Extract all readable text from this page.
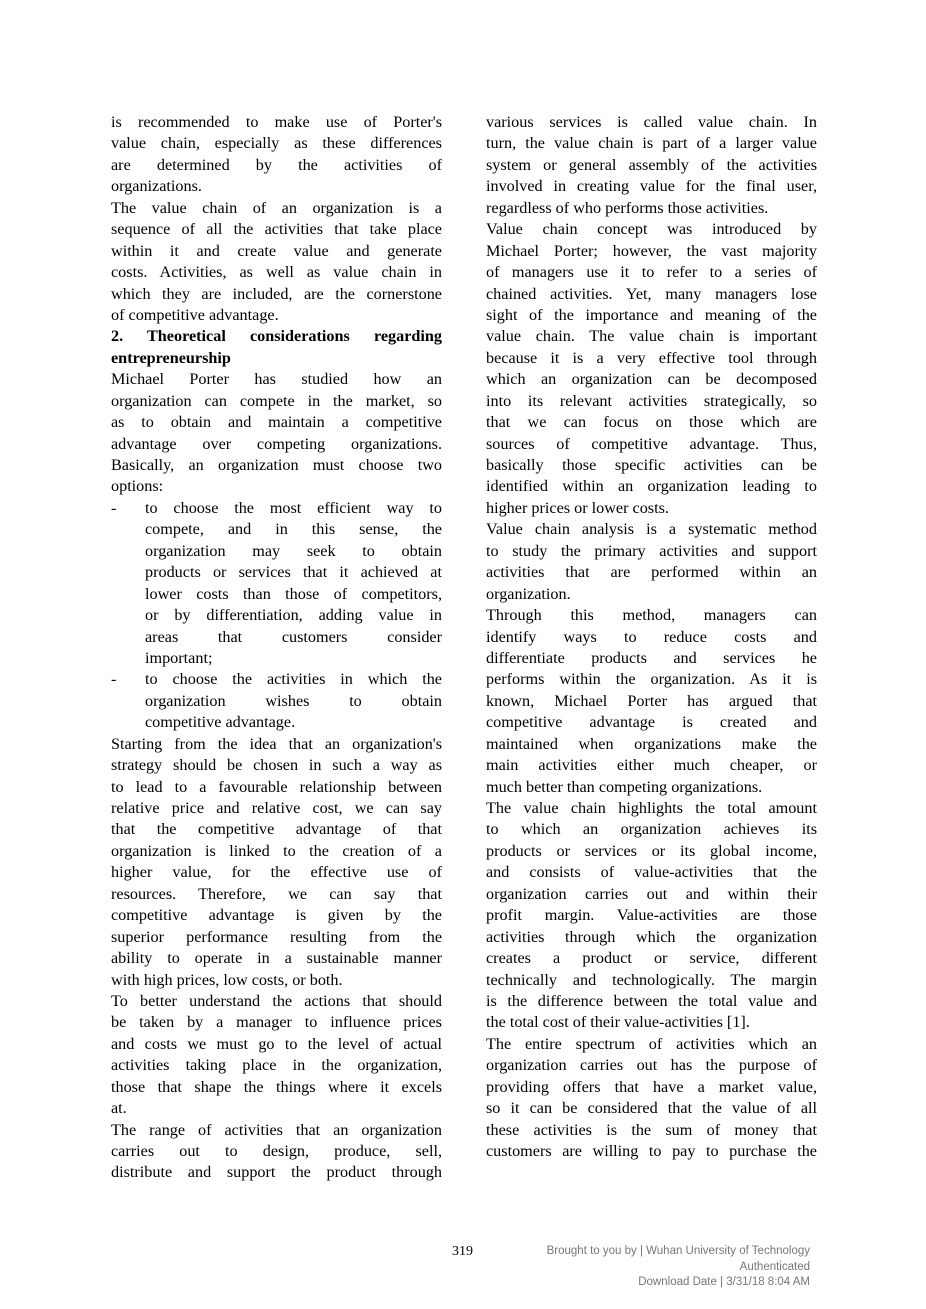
is recommended to make use of Porter's
value chain, especially as these differences
are determined by the activities of
organizations.
The value chain of an organization is a
sequence of all the activities that take place
within it and create value and generate
costs. Activities, as well as value chain in
which they are included, are the cornerstone
of competitive advantage.
2. Theoretical considerations regarding
entrepreneurship
Michael Porter has studied how an
organization can compete in the market, so
as to obtain and maintain a competitive
advantage over competing organizations.
Basically, an organization must choose two
options:
- to choose the most efficient way to
compete, and in this sense, the
organization may seek to obtain
products or services that it achieved at
lower costs than those of competitors,
or by differentiation, adding value in
areas that customers consider
important;
- to choose the activities in which the
organization wishes to obtain
competitive advantage.
Starting from the idea that an organization's
strategy should be chosen in such a way as
to lead to a favourable relationship between
relative price and relative cost, we can say
that the competitive advantage of that
organization is linked to the creation of a
higher value, for the effective use of
resources. Therefore, we can say that
competitive advantage is given by the
superior performance resulting from the
ability to operate in a sustainable manner
with high prices, low costs, or both.
To better understand the actions that should
be taken by a manager to influence prices
and costs we must go to the level of actual
activities taking place in the organization,
those that shape the things where it excels
at.
The range of activities that an organization
carries out to design, produce, sell,
distribute and support the product through
various services is called value chain. In
turn, the value chain is part of a larger value
system or general assembly of the activities
involved in creating value for the final user,
regardless of who performs those activities.
Value chain concept was introduced by
Michael Porter; however, the vast majority
of managers use it to refer to a series of
chained activities. Yet, many managers lose
sight of the importance and meaning of the
value chain. The value chain is important
because it is a very effective tool through
which an organization can be decomposed
into its relevant activities strategically, so
that we can focus on those which are
sources of competitive advantage. Thus,
basically those specific activities can be
identified within an organization leading to
higher prices or lower costs.
Value chain analysis is a systematic method
to study the primary activities and support
activities that are performed within an
organization.
Through this method, managers can
identify ways to reduce costs and
differentiate products and services he
performs within the organization. As it is
known, Michael Porter has argued that
competitive advantage is created and
maintained when organizations make the
main activities either much cheaper, or
much better than competing organizations.
The value chain highlights the total amount
to which an organization achieves its
products or services or its global income,
and consists of value-activities that the
organization carries out and within their
profit margin. Value-activities are those
activities through which the organization
creates a product or service, different
technically and technologically. The margin
is the difference between the total value and
the total cost of their value-activities [1].
The entire spectrum of activities which an
organization carries out has the purpose of
providing offers that have a market value,
so it can be considered that the value of all
these activities is the sum of money that
customers are willing to pay to purchase the
319	Brought to you by | Wuhan University of Technology
Authenticated
Download Date | 3/31/18 8:04 AM
